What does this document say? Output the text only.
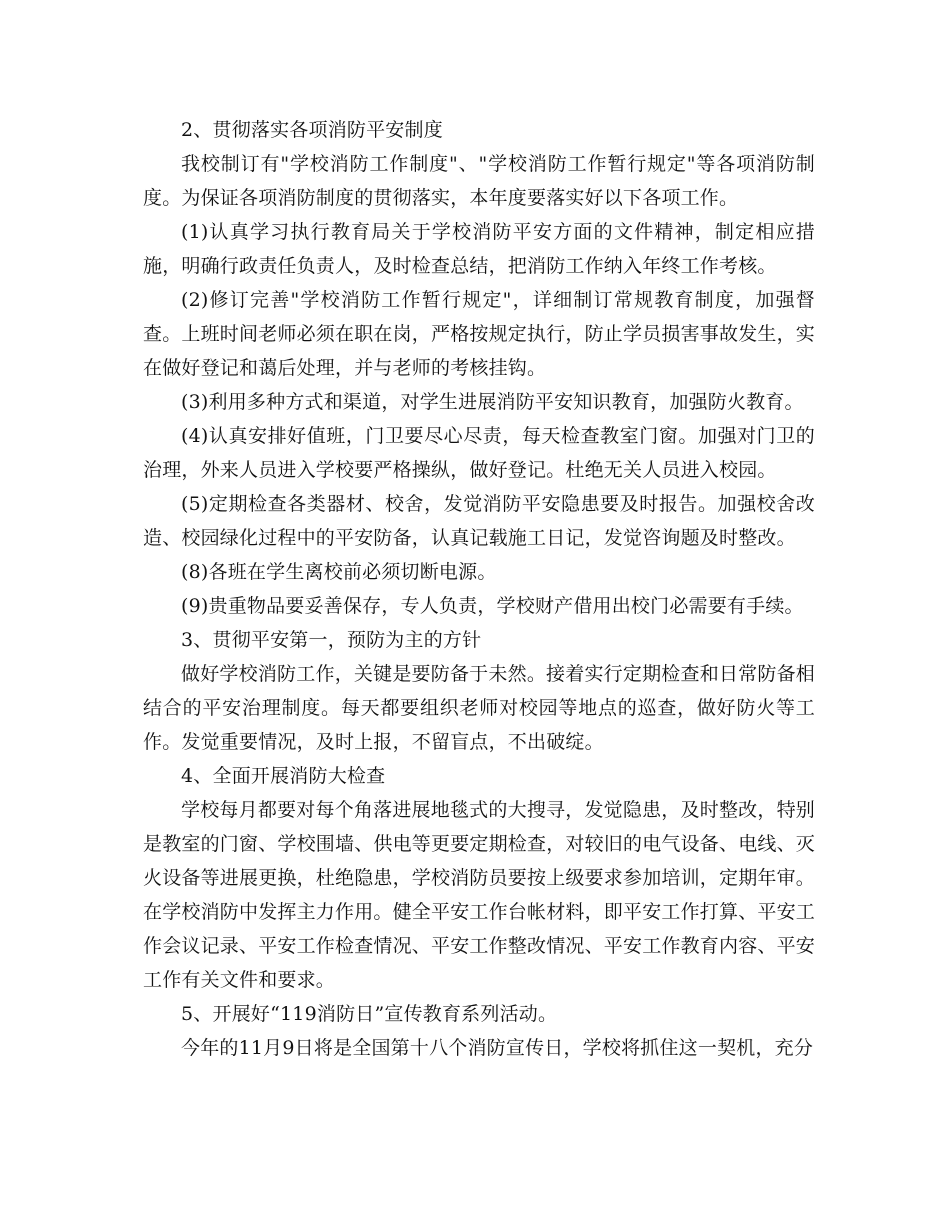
2、贯彻落实各项消防平安制度

我校制订有"学校消防工作制度"、"学校消防工作暂行规定"等各项消防制度。为保证各项消防制度的贯彻落实，本年度要落实好以下各项工作。

(1)认真学习执行教育局关于学校消防平安方面的文件精神，制定相应措施，明确行政责任负责人，及时检查总结，把消防工作纳入年终工作考核。

(2)修订完善"学校消防工作暂行规定"，详细制订常规教育制度，加强督查。上班时间老师必须在职在岗，严格按规定执行，防止学员损害事故发生，实在做好登记和蔼后处理，并与老师的考核挂钩。

(3)利用多种方式和渠道，对学生进展消防平安知识教育，加强防火教育。

(4)认真安排好值班，门卫要尽心尽责，每天检查教室门窗。加强对门卫的治理，外来人员进入学校要严格操纵，做好登记。杜绝无关人员进入校园。

(5)定期检查各类器材、校舍，发觉消防平安隐患要及时报告。加强校舍改造、校园绿化过程中的平安防备，认真记载施工日记，发觉咨询题及时整改。

(8)各班在学生离校前必须切断电源。

(9)贵重物品要妥善保存，专人负责，学校财产借用出校门必需要有手续。

3、贯彻平安第一，预防为主的方针

做好学校消防工作，关键是要防备于未然。接着实行定期检查和日常防备相结合的平安治理制度。每天都要组织老师对校园等地点的巡查，做好防火等工作。发觉重要情况，及时上报，不留盲点，不出破绽。

4、全面开展消防大检查

学校每月都要对每个角落进展地毯式的大搜寻，发觉隐患，及时整改，特别是教室的门窗、学校围墙、供电等更要定期检查，对较旧的电气设备、电线、灭火设备等进展更换，杜绝隐患，学校消防员要按上级要求参加培训，定期年审。在学校消防中发挥主力作用。健全平安工作台帐材料，即平安工作打算、平安工作会议记录、平安工作检查情况、平安工作整改情况、平安工作教育内容、平安工作有关文件和要求。

5、开展好“119消防日”宣传教育系列活动。

今年的11月9日将是全国第十八个消防宣传日，学校将抓住这一契机，充分
